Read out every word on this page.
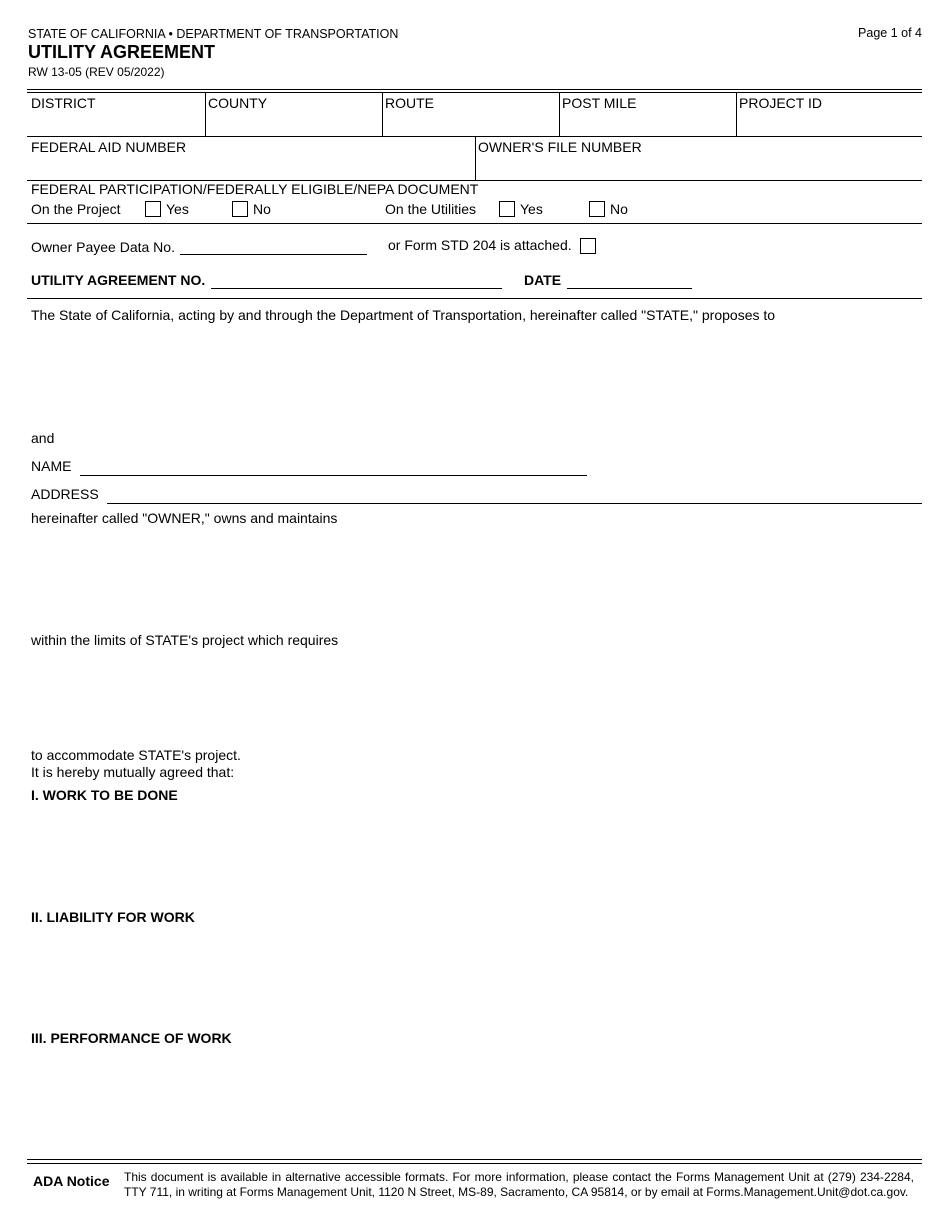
STATE OF CALIFORNIA • DEPARTMENT OF TRANSPORTATION
UTILITY AGREEMENT
RW 13-05 (REV 05/2022)
Page 1 of 4
DISTRICT	COUNTY	ROUTE	POST MILE	PROJECT ID
FEDERAL AID NUMBER	OWNER'S FILE NUMBER
FEDERAL PARTICIPATION/FEDERALLY ELIGIBLE/NEPA DOCUMENT
On the Project	Yes	No	On the Utilities	Yes	No
Owner Payee Data No.	or Form STD 204 is attached.
UTILITY AGREEMENT NO.	DATE
The State of California, acting by and through the Department of Transportation, hereinafter called "STATE," proposes to
and
NAME
ADDRESS
hereinafter called "OWNER," owns and maintains
within the limits of STATE's project which requires
to accommodate STATE's project.
It is hereby mutually agreed that:
I. WORK TO BE DONE
II. LIABILITY FOR WORK
III. PERFORMANCE OF WORK
ADA Notice This document is available in alternative accessible formats. For more information, please contact the Forms Management Unit at (279) 234-2284, TTY 711, in writing at Forms Management Unit, 1120 N Street, MS-89, Sacramento, CA 95814, or by email at Forms.Management.Unit@dot.ca.gov.
